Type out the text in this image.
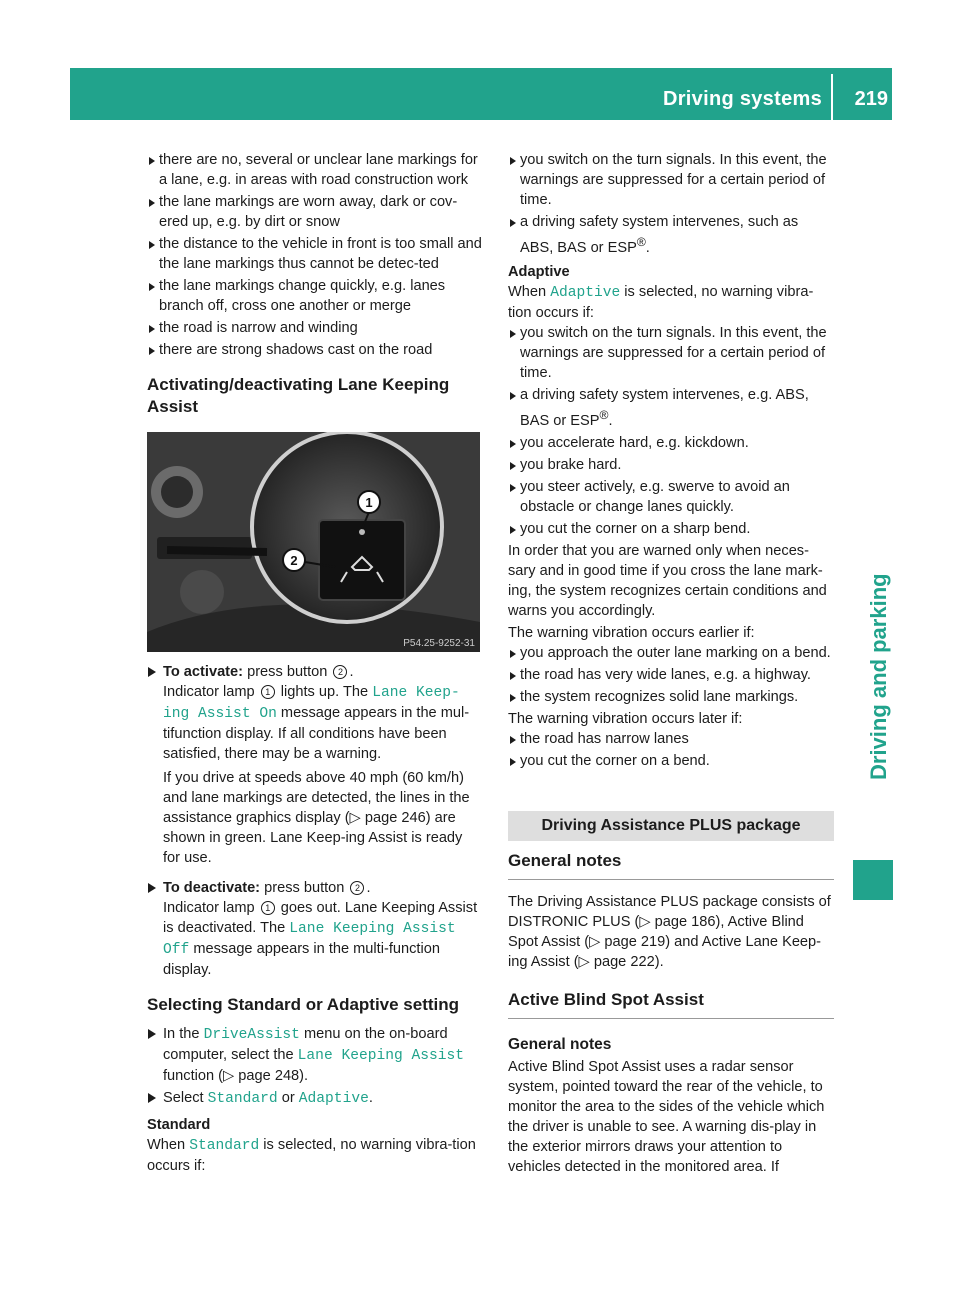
Driving systems 219
Driving and parking
there are no, several or unclear lane markings for a lane, e.g. in areas with road construction work
the lane markings are worn away, dark or cov-ered up, e.g. by dirt or snow
the distance to the vehicle in front is too small and the lane markings thus cannot be detec-ted
the lane markings change quickly, e.g. lanes branch off, cross one another or merge
the road is narrow and winding
there are strong shadows cast on the road
Activating/deactivating Lane Keeping Assist
1
2
P54.25-9252-31
To activate: press button 2 .
Indicator lamp 1 lights up. The Lane Keep-ing Assist On message appears in the mul-tifunction display. If all conditions have been satisfied, there may be a warning.
If you drive at speeds above 40 mph (60 km/h) and lane markings are detected, the lines in the assistance graphics display (▷ page 246) are shown in green. Lane Keep-ing Assist is ready for use.
To deactivate: press button 2 .
Indicator lamp 1 goes out. Lane Keeping Assist is deactivated. The Lane Keeping Assist Off message appears in the multi-function display.
Selecting Standard or Adaptive setting
In the DriveAssist menu on the on-board computer, select the Lane Keeping Assist function (▷ page 248).
Select Standard or Adaptive.
Standard
When Standard is selected, no warning vibra-tion occurs if:
you switch on the turn signals. In this event, the warnings are suppressed for a certain period of time.
a driving safety system intervenes, such as ABS, BAS or ESP®.
Adaptive
When Adaptive is selected, no warning vibra-tion occurs if:
you switch on the turn signals. In this event, the warnings are suppressed for a certain period of time.
a driving safety system intervenes, e.g. ABS, BAS or ESP®.
you accelerate hard, e.g. kickdown.
you brake hard.
you steer actively, e.g. swerve to avoid an obstacle or change lanes quickly.
you cut the corner on a sharp bend.

In order that you are warned only when neces-sary and in good time if you cross the lane mark-ing, the system recognizes certain conditions and warns you accordingly.

The warning vibration occurs earlier if:

you approach the outer lane marking on a bend.
the road has very wide lanes, e.g. a highway.
the system recognizes solid lane markings.

The warning vibration occurs later if:

the road has narrow lanes
you cut the corner on a bend.
Driving Assistance PLUS package
General notes

The Driving Assistance PLUS package consists of DISTRONIC PLUS (▷ page 186), Active Blind Spot Assist (▷ page 219) and Active Lane Keep-ing Assist (▷ page 222).

Active Blind Spot Assist
General notes

Active Blind Spot Assist uses a radar sensor system, pointed toward the rear of the vehicle, to monitor the area to the sides of the vehicle which the driver is unable to see. A warning dis-play in the exterior mirrors draws your attention to vehicles detected in the monitored area. If
